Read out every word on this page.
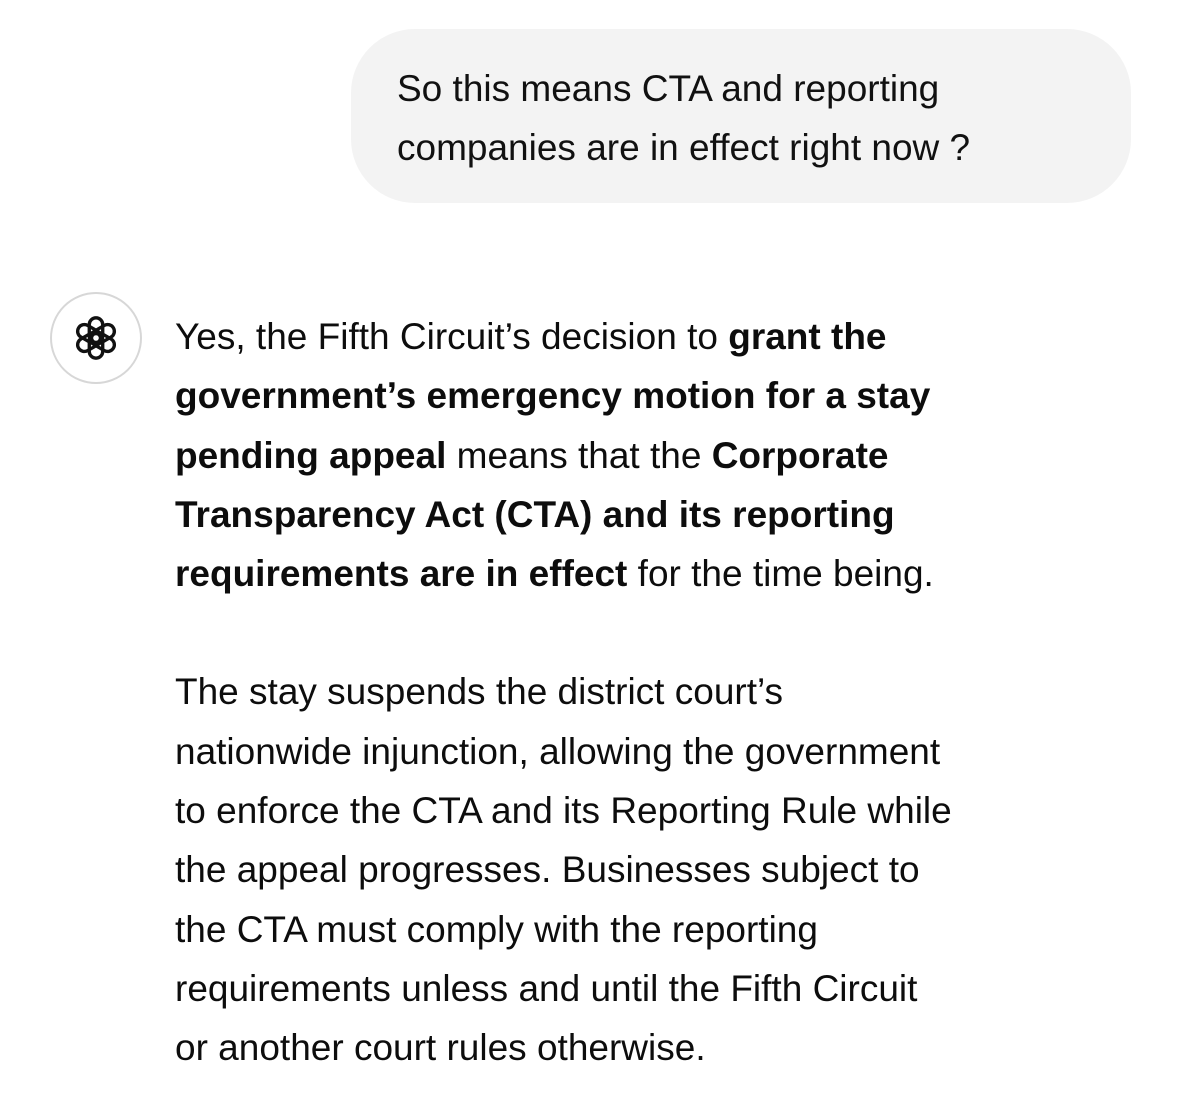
So this means CTA and reporting
companies are in effect right now ?

Yes, the Fifth Circuit’s decision to grant the
government’s emergency motion for a stay
pending appeal means that the Corporate
Transparency Act (CTA) and its reporting
requirements are in effect for the time being.

The stay suspends the district court’s
nationwide injunction, allowing the government
to enforce the CTA and its Reporting Rule while
the appeal progresses. Businesses subject to
the CTA must comply with the reporting
requirements unless and until the Fifth Circuit
or another court rules otherwise.
